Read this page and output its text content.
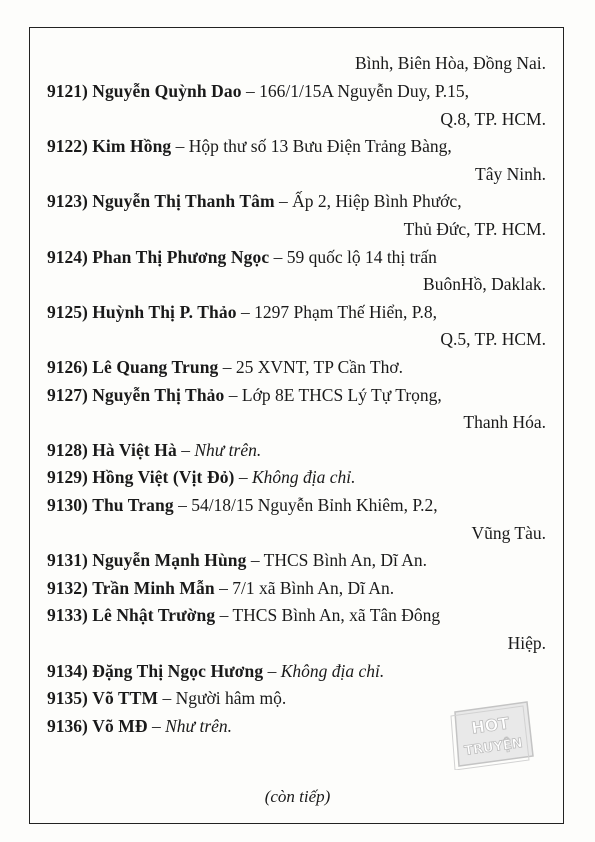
Bình, Biên Hòa, Đồng Nai.
9121) Nguyễn Quỳnh Dao – 166/1/15A Nguyễn Duy, P.15,
Q.8, TP. HCM.
9122) Kim Hồng – Hộp thư số 13 Bưu Điện Trảng Bàng,
Tây Ninh.
9123) Nguyễn Thị Thanh Tâm – Ấp 2, Hiệp Bình Phước,
Thủ Đức, TP. HCM.
9124) Phan Thị Phương Ngọc – 59 quốc lộ 14 thị trấn
BuônHồ, Daklak.
9125) Huỳnh Thị P. Thảo – 1297 Phạm Thế Hiển, P.8,
Q.5, TP. HCM.
9126) Lê Quang Trung – 25 XVNT, TP Cần Thơ.
9127) Nguyễn Thị Thảo – Lớp 8E THCS Lý Tự Trọng,
Thanh Hóa.
9128) Hà Việt Hà – Như trên.
9129) Hồng Việt (Vịt Đỏ) – Không địa chỉ.
9130) Thu Trang – 54/18/15 Nguyễn Bỉnh Khiêm, P.2,
Vũng Tàu.
9131) Nguyễn Mạnh Hùng – THCS Bình An, Dĩ An.
9132) Trần Minh Mẫn – 7/1 xã Bình An, Dĩ An.
9133) Lê Nhật Trường – THCS Bình An, xã Tân Đông
Hiệp.
9134) Đặng Thị Ngọc Hương – Không địa chỉ.
9135) Võ TTM – Người hâm mộ.
9136) Võ MĐ – Như trên.
(còn tiếp)
HOT
TRUYỆN
